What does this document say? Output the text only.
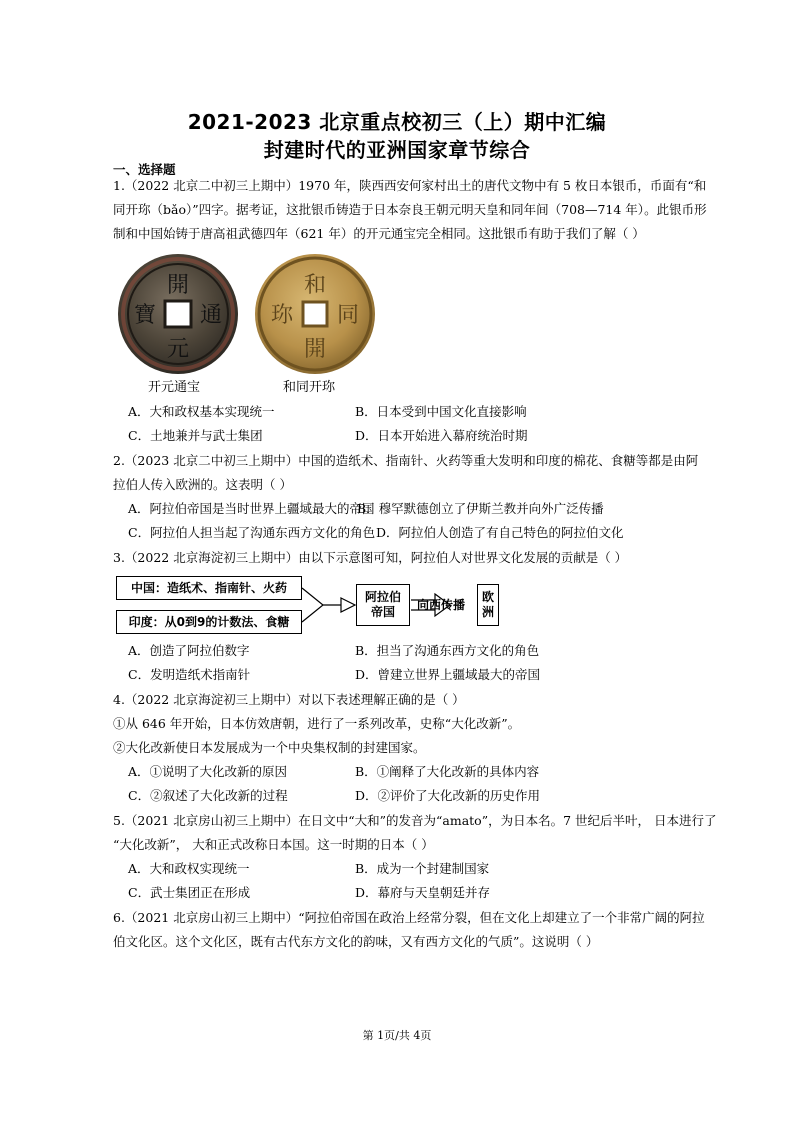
2021-2023 北京重点校初三（上）期中汇编
封建时代的亚洲国家章节综合
一、选择题
1.（2022 北京二中初三上期中）1970 年，陕西西安何家村出土的唐代文物中有 5 枚日本银币，币面有“和
同开珎（bǎo）”四字。据考证，这批银币铸造于日本奈良王朝元明天皇和同年间（708—714 年）。此银币形
制和中国始铸于唐高祖武德四年（621 年）的开元通宝完全相同。这批银币有助于我们了解（ ）
開
通
元
寶
开元通宝
和
同
開
珎
和同开珎
A．大和政权基本实现统一	B．日本受到中国文化直接影响
C．土地兼并与武士集团	D．日本开始进入幕府统治时期
2.（2023 北京二中初三上期中）中国的造纸术、指南针、火药等重大发明和印度的棉花、食糖等都是由阿
拉伯人传入欧洲的。这表明（ ）
A．阿拉伯帝国是当时世界上疆域最大的帝国
B．穆罕默德创立了伊斯兰教并向外广泛传播
C．阿拉伯人担当起了沟通东西方文化的角色 D．阿拉伯人创造了有自己特色的阿拉伯文化
3.（2022 北京海淀初三上期中）由以下示意图可知，阿拉伯人对世界文化发展的贡献是（ ）
中国：造纸术、指南针、火药
印度：从0到9的计数法、食糖
阿拉伯帝国
向西传播
欧洲
A．创造了阿拉伯数字	B．担当了沟通东西方文化的角色
C．发明造纸术指南针	D．曾建立世界上疆域最大的帝国
4.（2022 北京海淀初三上期中）对以下表述理解正确的是（ ）
①从 646 年开始，日本仿效唐朝，进行了一系列改革，史称“大化改新”。
②大化改新使日本发展成为一个中央集权制的封建国家。
A．①说明了大化改新的原因	B．①阐释了大化改新的具体内容
C．②叙述了大化改新的过程	D．②评价了大化改新的历史作用
5.（2021 北京房山初三上期中）在日文中“大和”的发音为“amato”，为日本名。7 世纪后半叶， 日本进行了
“大化改新”， 大和正式改称日本国。这一时期的日本（ ）
A．大和政权实现统一	B．成为一个封建制国家
C．武士集团正在形成	D．幕府与天皇朝廷并存
6.（2021 北京房山初三上期中）“阿拉伯帝国在政治上经常分裂，但在文化上却建立了一个非常广阔的阿拉
伯文化区。这个文化区，既有古代东方文化的韵味，又有西方文化的气质”。这说明（ ）
第 1页/共 4页
